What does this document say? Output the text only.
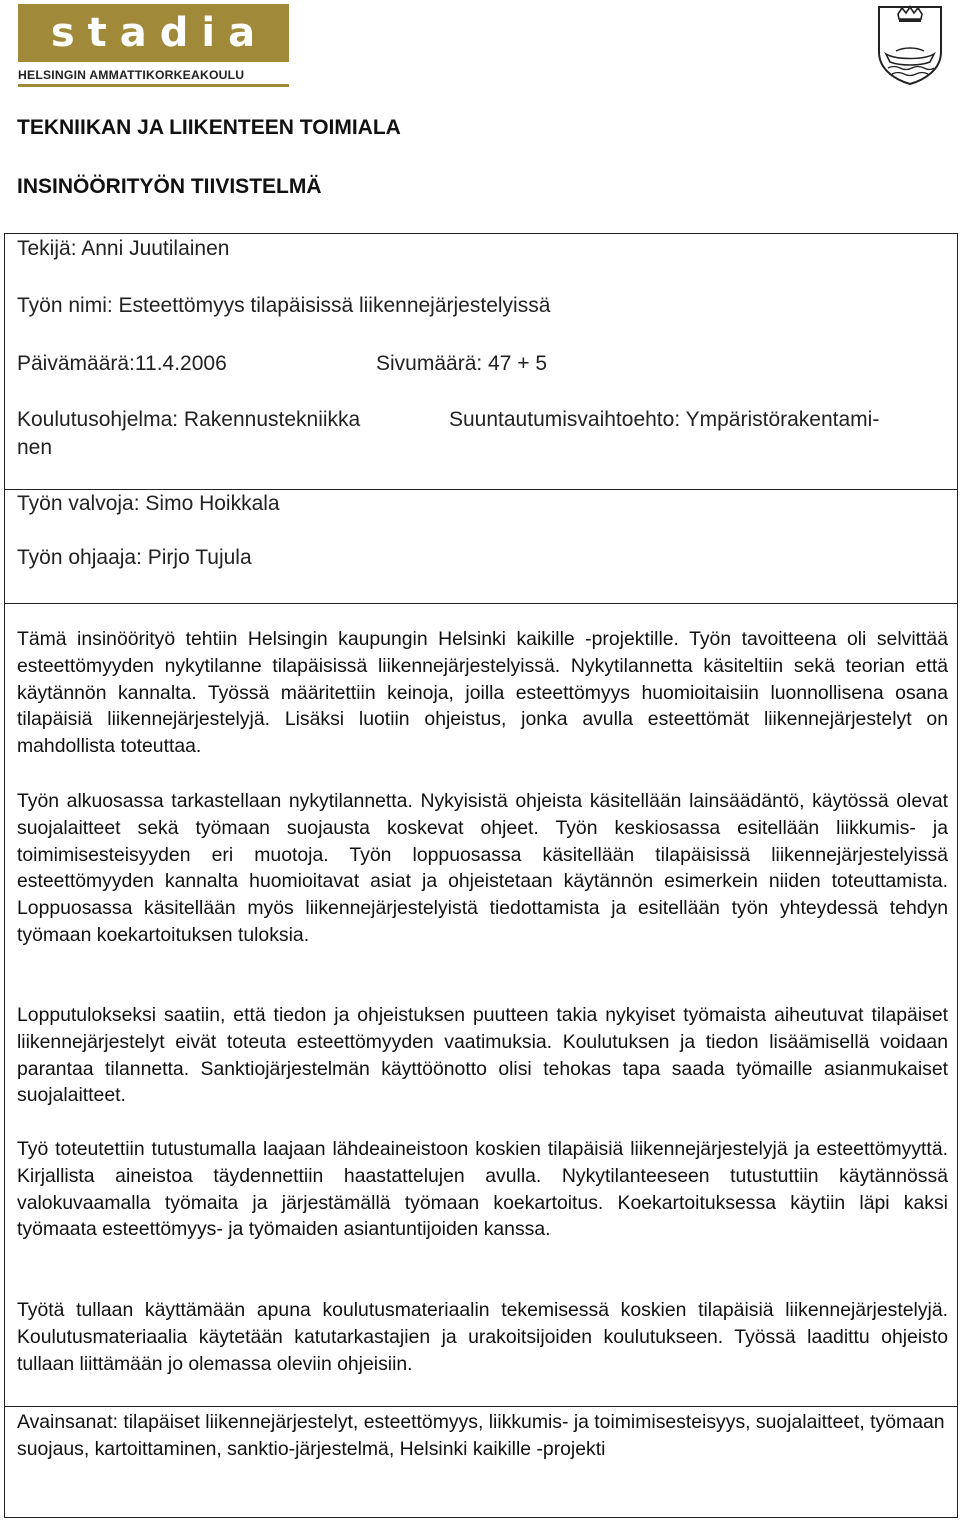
stadia
HELSINGIN AMMATTIKORKEAKOULU
TEKNIIKAN JA LIIKENTEEN TOIMIALA
INSINÖÖRITYÖN TIIVISTELMÄ
Tekijä: Anni Juutilainen
Työn nimi: Esteettömyys tilapäisissä liikennejärjestelyissä
Päivämäärä:11.4.2006	Sivumäärä: 47 + 5
Koulutusohjelma: Rakennustekniikka	Suuntautumisvaihtoehto: Ympäristörakentami-
nen
Työn valvoja: Simo Hoikkala
Työn ohjaaja: Pirjo Tujula
Tämä insinöörityö tehtiin Helsingin kaupungin Helsinki kaikille -projektille. Työn tavoitteena oli selvittää esteettömyyden nykytilanne tilapäisissä liikennejärjestelyissä. Nykytilannetta käsiteltiin sekä teorian että käytännön kannalta. Työssä määritettiin keinoja, joilla esteettömyys huomioitaisiin luonnollisena osana tilapäisiä liikennejärjestelyjä. Lisäksi luotiin ohjeistus, jonka avulla esteettömät liikennejärjestelyt on mahdollista toteuttaa.
Työn alkuosassa tarkastellaan nykytilannetta. Nykyisistä ohjeista käsitellään lainsäädäntö, käytössä olevat suojalaitteet sekä työmaan suojausta koskevat ohjeet. Työn keskiosassa esitellään liikkumis- ja toimimisesteisyyden eri muotoja. Työn loppuosassa käsitellään tilapäisissä liikennejärjestelyissä esteettömyyden kannalta huomioitavat asiat ja ohjeistetaan käytännön esimerkein niiden toteuttamista. Loppuosassa käsitellään myös liikennejärjestelyistä tiedottamista ja esitellään työn yhteydessä tehdyn työmaan koekartoituksen tuloksia.
Lopputulokseksi saatiin, että tiedon ja ohjeistuksen puutteen takia nykyiset työmaista aiheutuvat tilapäiset liikennejärjestelyt eivät toteuta esteettömyyden vaatimuksia. Koulutuksen ja tiedon lisäämisellä voidaan parantaa tilannetta. Sanktiojärjestelmän käyttöönotto olisi tehokas tapa saada työmaille asianmukaiset suojalaitteet.
Työ toteutettiin tutustumalla laajaan lähdeaineistoon koskien tilapäisiä liikennejärjestelyjä ja esteettömyyttä. Kirjallista aineistoa täydennettiin haastattelujen avulla. Nykytilanteeseen tutustuttiin käytännössä valokuvaamalla työmaita ja järjestämällä työmaan koekartoitus. Koekartoituksessa käytiin läpi kaksi työmaata esteettömyys- ja työmaiden asiantuntijoiden kanssa.
Työtä tullaan käyttämään apuna koulutusmateriaalin tekemisessä koskien tilapäisiä liikennejärjestelyjä. Koulutusmateriaalia käytetään katutarkastajien ja urakoitsijoiden koulutukseen. Työssä laadittu ohjeisto tullaan liittämään jo olemassa oleviin ohjeisiin.
Avainsanat: tilapäiset liikennejärjestelyt, esteettömyys, liikkumis- ja toimimisesteisyys, suojalaitteet, työmaan suojaus, kartoittaminen, sanktio-järjestelmä, Helsinki kaikille -projekti
